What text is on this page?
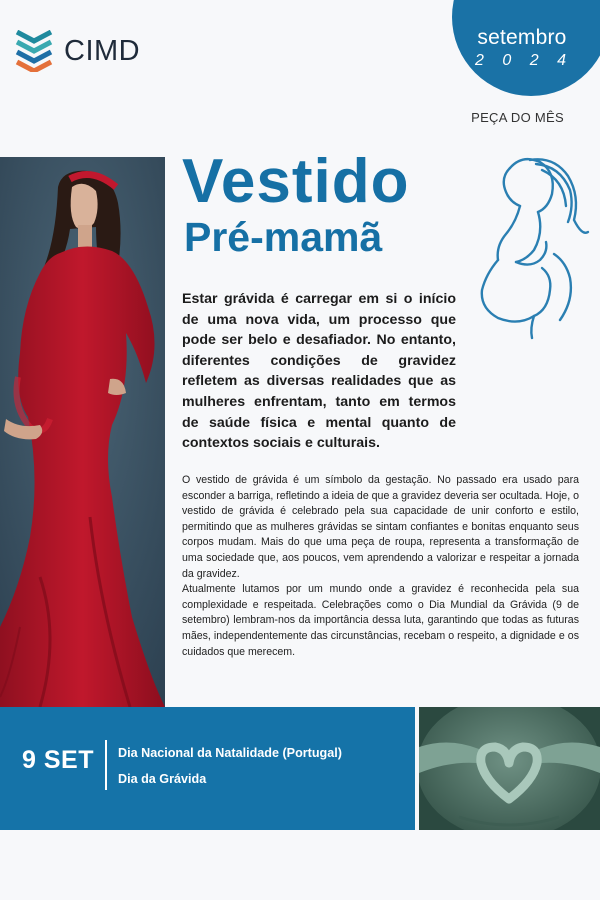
CIMD	setembro
2 0 2 4
PEÇA DO MÊS
Vestido
Pré-mamã
Estar grávida é carregar em si o início de uma nova vida, um processo que pode ser belo e desafiador. No entanto, diferentes condições de gravidez refletem as diversas realidades que as mulheres enfrentam, tanto em termos de saúde física e mental quanto de contextos sociais e culturais.

O vestido de grávida é um símbolo da gestação. No passado era usado para esconder a barriga, refletindo a ideia de que a gravidez deveria ser ocultada. Hoje, o vestido de grávida é celebrado pela sua capacidade de unir conforto e estilo, permitindo que as mulheres grávidas se sintam confiantes e bonitas enquanto seus corpos mudam. Mais do que uma peça de roupa, representa a transformação de uma sociedade que, aos poucos, vem aprendendo a valorizar e respeitar a jornada da gravidez.

Atualmente lutamos por um mundo onde a gravidez é reconhecida pela sua complexidade e respeitada. Celebrações como o Dia Mundial da Grávida (9 de setembro) lembram-nos da importância dessa luta, garantindo que todas as futuras mães, independentemente das circunstâncias, recebam o respeito, a dignidade e os cuidados que merecem.

9 SET Dia Nacional da Natalidade (Portugal)
Dia da Grávida
